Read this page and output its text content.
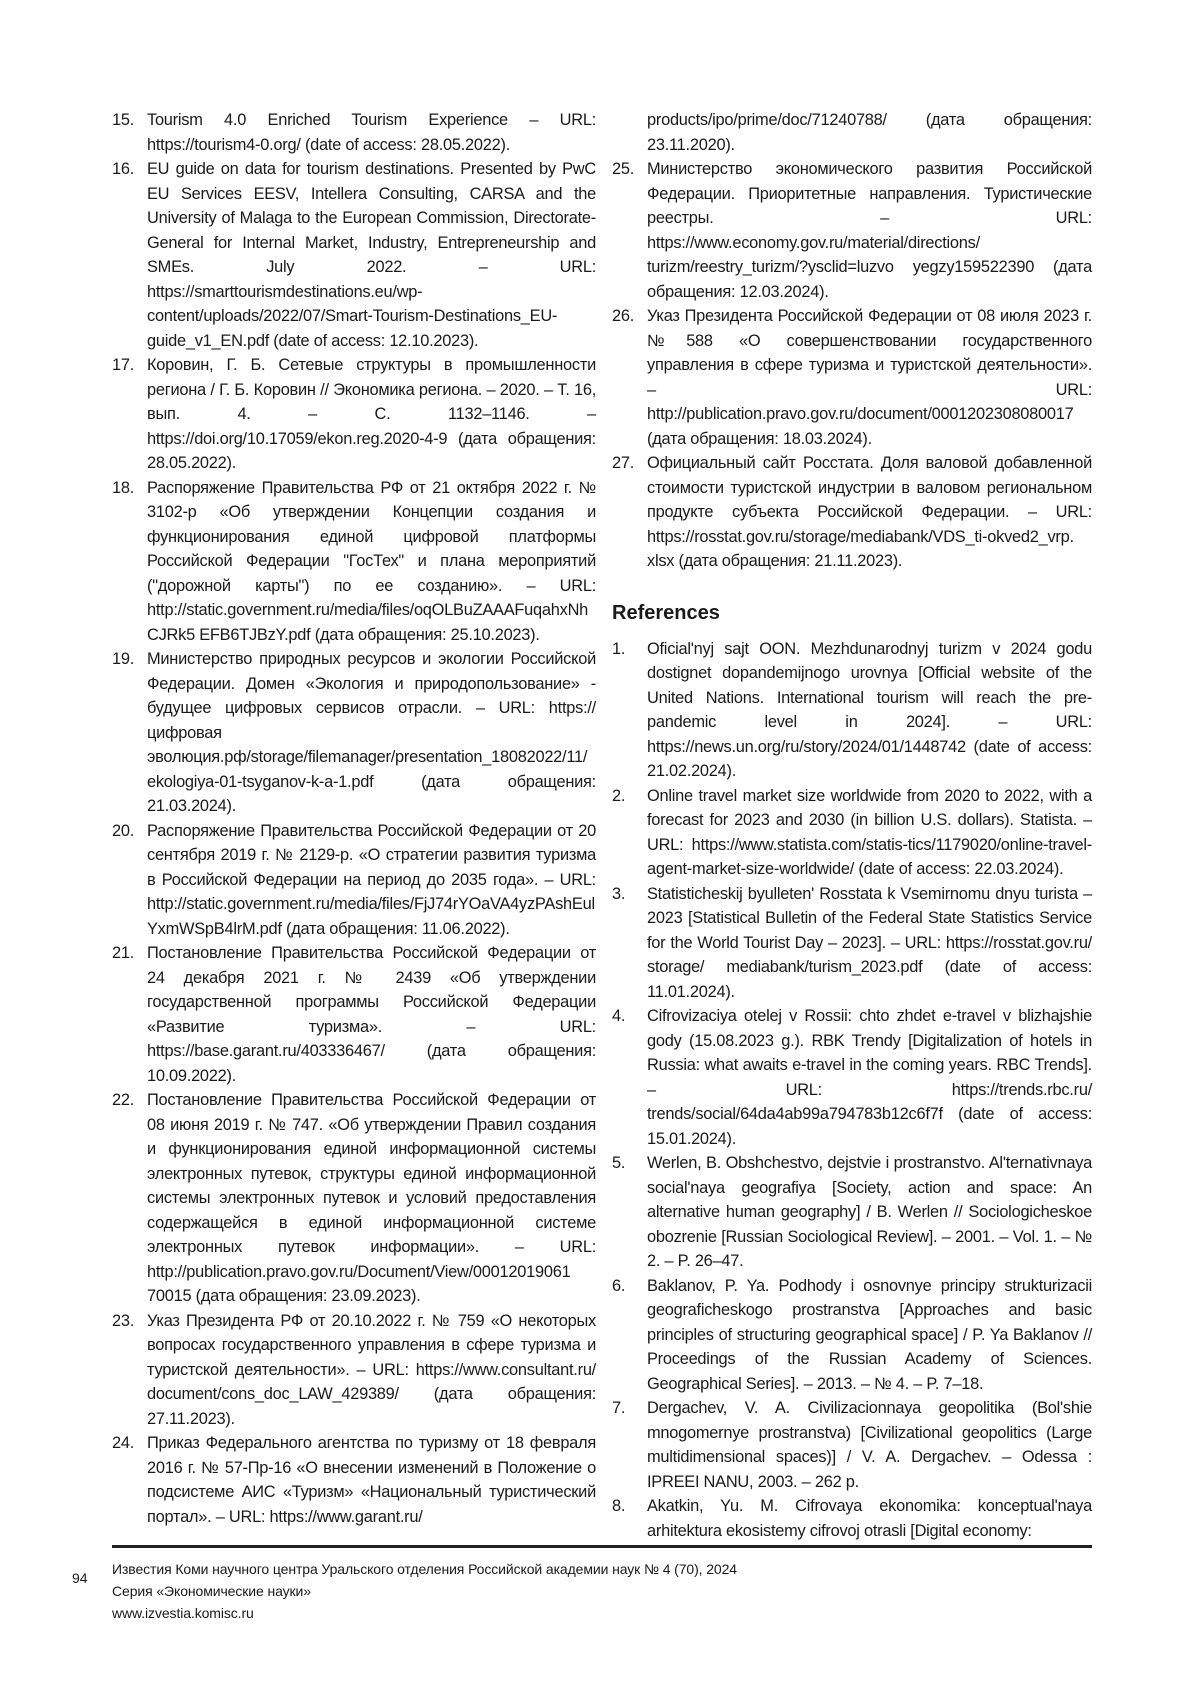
15. Tourism 4.0 Enriched Tourism Experience – URL: https://tourism4-0.org/ (date of access: 28.05.2022).
16. EU guide on data for tourism destinations. Presented by PwC EU Services EESV, Intellera Consulting, CARSA and the University of Malaga to the European Commission, Directorate-General for Internal Market, Industry, Entrepreneurship and SMEs. July 2022. – URL: https://smarttourismdestinations.eu/wp-content/uploads/2022/07/Smart-Tourism-Destinations_EU-guide_v1_EN.pdf (date of access: 12.10.2023).
17. Коровин, Г. Б. Сетевые структуры в промышленности региона / Г. Б. Коровин // Экономика региона. – 2020. – Т. 16, вып. 4. – С. 1132–1146. – https://doi.org/10.17059/ekon.reg.2020-4-9 (дата обращения: 28.05.2022).
18. Распоряжение Правительства РФ от 21 октября 2022 г. № 3102-р «Об утверждении Концепции создания и функционирования единой цифровой платформы Российской Федерации "ГосТех" и плана мероприятий ("дорожной карты") по ее созданию». – URL: http://static.government.ru/media/files/oqOLBuZAAAFuqahxNhCJRk5 EFB6TJBzY.pdf (дата обращения: 25.10.2023).
19. Министерство природных ресурсов и экологии Российской Федерации. Домен «Экология и природопользование» - будущее цифровых сервисов отрасли. – URL: https://цифровая эволюция.рф/storage/filemanager/presentation_18082022/11/ekologiya-01-tsyganov-k-a-1.pdf (дата обращения: 21.03.2024).
20. Распоряжение Правительства Российской Федерации от 20 сентября 2019 г. № 2129-р. «О стратегии развития туризма в Российской Федерации на период до 2035 года». – URL: http://static.government.ru/media/files/FjJ74rYOaVA4yzPAshEulYxmWSpB4lrM.pdf (дата обращения: 11.06.2022).
21. Постановление Правительства Российской Федерации от 24 декабря 2021 г. № 2439 «Об утверждении государственной программы Российской Федерации «Развитие туризма». – URL: https://base.garant.ru/403336467/ (дата обращения: 10.09.2022).
22. Постановление Правительства Российской Федерации от 08 июня 2019 г. № 747. «Об утверждении Правил создания и функционирования единой информационной системы электронных путевок, структуры единой информационной системы электронных путевок и условий предоставления содержащейся в единой информационной системе электронных путевок информации». – URL: http://publication.pravo.gov.ru/Document/View/00012019061 70015 (дата обращения: 23.09.2023).
23. Указ Президента РФ от 20.10.2022 г. № 759 «О некоторых вопросах государственного управления в сфере туризма и туристской деятельности». – URL: https://www.consultant.ru/ document/cons_doc_LAW_429389/ (дата обращения: 27.11.2023).
24. Приказ Федерального агентства по туризму от 18 февраля 2016 г. № 57-Пр-16 «О внесении изменений в Положение о подсистеме АИС «Туризм» «Национальный туристический портал». – URL: https://www.garant.ru/
products/ipo/prime/doc/71240788/ (дата обращения: 23.11.2020).
25. Министерство экономического развития Российской Федерации. Приоритетные направления. Туристические реестры. – URL: https://www.economy.gov.ru/material/directions/ turizm/reestry_turizm/?ysclid=luzvo yegzy159522390 (дата обращения: 12.03.2024).
26. Указ Президента Российской Федерации от 08 июля 2023 г. №588 «О совершенствовании государственного управления в сфере туризма и туристской деятельности». – URL: http://publication.pravo.gov.ru/document/0001202308080017 (дата обращения: 18.03.2024).
27. Официальный сайт Росстата. Доля валовой добавленной стоимости туристской индустрии в валовом региональном продукте субъекта Российской Федерации. – URL: https://rosstat.gov.ru/storage/mediabank/VDS_ti-okved2_vrp. xlsx (дата обращения: 21.11.2023).
References
1. Oficial'nyj sajt OON. Mezhdunarodnyj turizm v 2024 godu dostignet dopandemijnogo urovnya [Official website of the United Nations. International tourism will reach the pre-pandemic level in 2024]. – URL: https://news.un.org/ru/story/2024/01/1448742 (date of access: 21.02.2024).
2. Online travel market size worldwide from 2020 to 2022, with a forecast for 2023 and 2030 (in billion U.S. dollars). Statista. – URL: https://www.statista.com/statis-tics/1179020/online-travel-agent-market-size-worldwide/ (date of access: 22.03.2024).
3. Statisticheskij byulleten' Rosstata k Vsemirnomu dnyu turista – 2023 [Statistical Bulletin of the Federal State Statistics Service for the World Tourist Day – 2023]. – URL: https://rosstat.gov.ru/ storage/ mediabank/turism_2023.pdf (date of access: 11.01.2024).
4. Cifrovizaciya otelej v Rossii: chto zhdet e-travel v blizhajshie gody (15.08.2023 g.). RBK Trendy [Digitalization of hotels in Russia: what awaits e-travel in the coming years. RBC Trends]. – URL: https://trends.rbc.ru/ trends/social/64da4ab99a794783b12c6f7f (date of access: 15.01.2024).
5. Werlen, B. Obshchestvo, dejstvie i prostranstvo. Al'ternativnaya social'naya geografiya [Society, action and space: An alternative human geography] / B. Werlen // Sociologicheskoe obozrenie [Russian Sociological Review]. – 2001. – Vol. 1. – № 2. – P. 26–47.
6. Baklanov, P. Ya. Podhody i osnovnye principy strukturizacii geograficheskogo prostranstva [Approaches and basic principles of structuring geographical space] / P. Ya Baklanov // Proceedings of the Russian Academy of Sciences. Geographical Series]. – 2013. – № 4. – P. 7–18.
7. Dergachev, V. A. Civilizacionnaya geopolitika (Bol'shie mnogomernye prostranstva) [Civilizational geopolitics (Large multidimensional spaces)] / V. A. Dergachev. – Odessa : IPREEI NANU, 2003. – 262 p.
8. Akatkin, Yu. M. Cifrovaya ekonomika: konceptual'naya arhitektura ekosistemy cifrovoj otrasli [Digital economy:
94
Известия Коми научного центра Уральского отделения Российской академии наук № 4 (70), 2024
Серия «Экономические науки»
www.izvestia.komisc.ru
